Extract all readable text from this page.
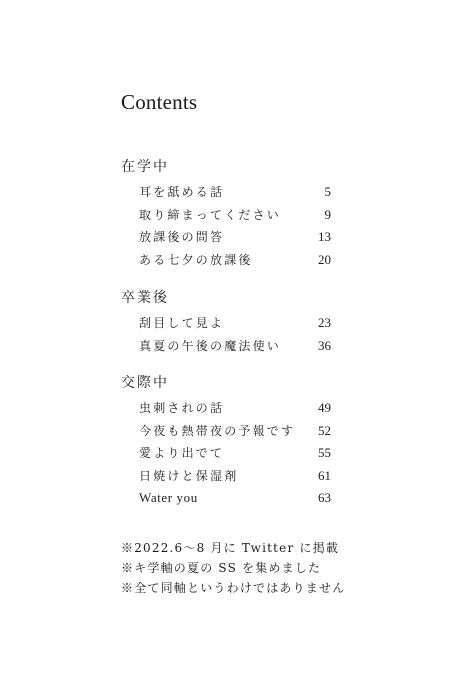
Contents
在学中
耳を舐める話	5
取り締まってください	9
放課後の問答	13
ある七夕の放課後	20
卒業後
刮目して見よ	23
真夏の午後の魔法使い	36
交際中
虫刺されの話	49
今夜も熱帯夜の予報です 52
愛より出でて	55
日焼けと保湿剤	61
Water you	63
※2022.6～8 月に Twitter に掲載
※キ学軸の夏の SS を集めました
※全て同軸というわけではありません
